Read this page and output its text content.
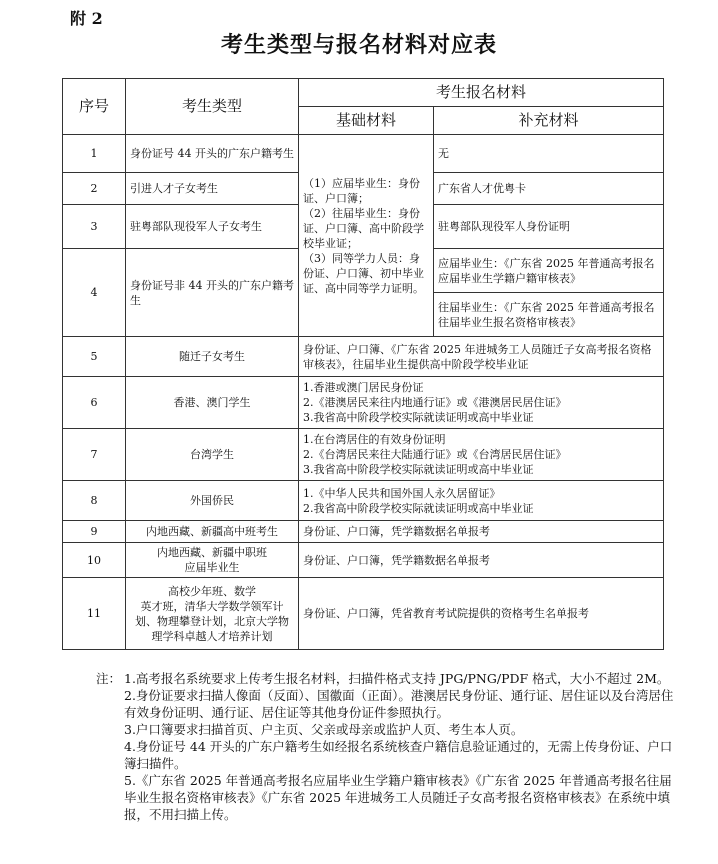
附 2
考生类型与报名材料对应表
序号	考生类型	考生报名材料	
		基础材料	补充材料
1	身份证号 44 开头的广东户籍考生	（1）应届毕业生：身份证、户口簿；
（2）往届毕业生：身份证、户口簿、高中阶段学校毕业证；
（3）同等学力人员：身份证、户口簿、初中毕业证、高中同等学力证明。	无
2	引进人才子女考生		广东省人才优粤卡
3	驻粤部队现役军人子女考生		驻粤部队现役军人身份证明
4	身份证号非 44 开头的广东户籍考生		应届毕业生：《广东省 2025 年普通高考报名应届毕业生学籍户籍审核表》
			往届毕业生：《广东省 2025 年普通高考报名往届毕业生报名资格审核表》
5	随迁子女考生	身份证、户口簿、《广东省 2025 年进城务工人员随迁子女高考报名资格审核表》，往届毕业生提供高中阶段学校毕业证	
6	香港、澳门学生	1.香港或澳门居民身份证
2.《港澳居民来往内地通行证》或《港澳居民居住证》
3.我省高中阶段学校实际就读证明或高中毕业证	
7	台湾学生	1.在台湾居住的有效身份证明
2.《台湾居民来往大陆通行证》或《台湾居民居住证》
3.我省高中阶段学校实际就读证明或高中毕业证	
8	外国侨民	1.《中华人民共和国外国人永久居留证》
2.我省高中阶段学校实际就读证明或高中毕业证	
9	内地西藏、新疆高中班考生	身份证、户口簿，凭学籍数据名单报考	
10	内地西藏、新疆中职班
应届毕业生	身份证、户口簿，凭学籍数据名单报考	
11	高校少年班、数学
英才班，清华大学数学领军计划、物理攀登计划，北京大学物理学科卓越人才培养计划	身份证、户口簿，凭省教育考试院提供的资格考生名单报考	
注： 1.高考报名系统要求上传考生报名材料，扫描件格式支持 JPG/PNG/PDF 格式，大小不超过 2M。
2.身份证要求扫描人像面（反面）、国徽面（正面）。港澳居民身份证、通行证、居住证以及台湾居住有效身份证明、通行证、居住证等其他身份证件参照执行。
3.户口簿要求扫描首页、户主页、父亲或母亲或监护人页、考生本人页。
4.身份证号 44 开头的广东户籍考生如经报名系统核查户籍信息验证通过的，无需上传身份证、户口簿扫描件。
5.《广东省 2025 年普通高考报名应届毕业生学籍户籍审核表》《广东省 2025 年普通高考报名往届毕业生报名资格审核表》《广东省 2025 年进城务工人员随迁子女高考报名资格审核表》在系统中填报，不用扫描上传。
